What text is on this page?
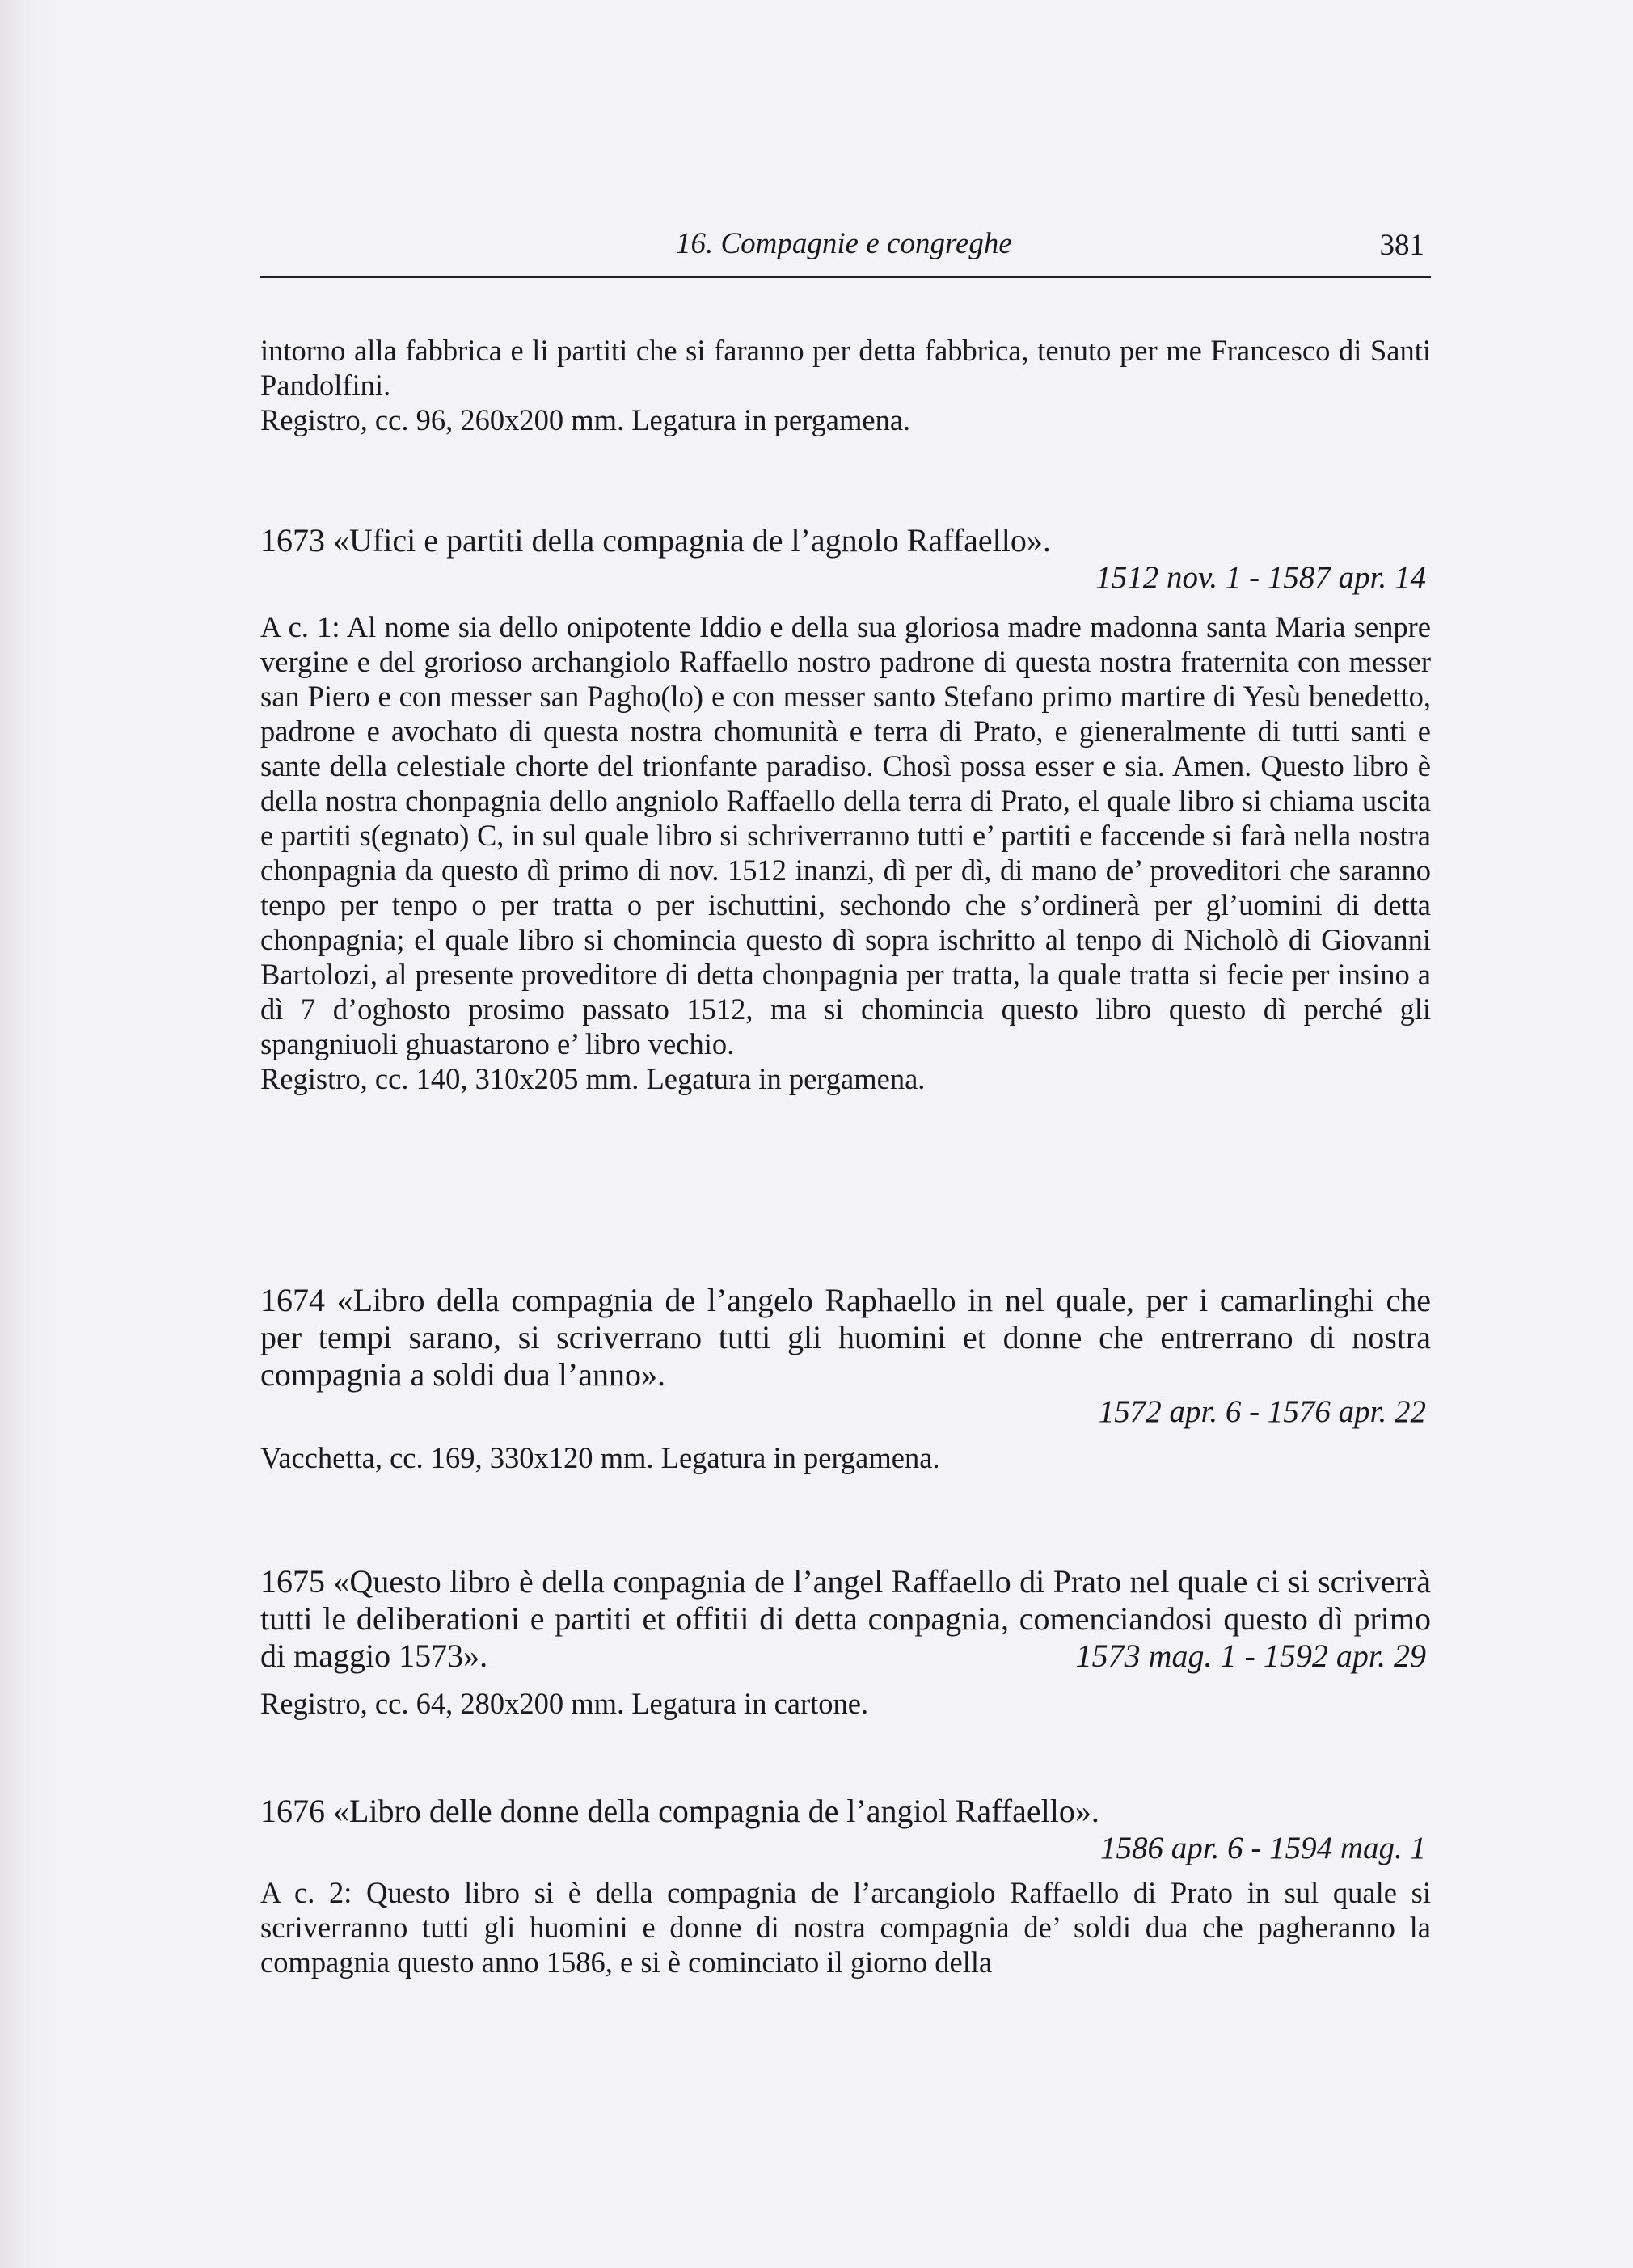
16. Compagnie e congreghe	381

intorno alla fabbrica e li partiti che si faranno per detta fabbrica, tenuto per me Francesco di Santi Pandolfini.

Registro, cc. 96, 260x200 mm. Legatura in pergamena.

1673 «Ufici e partiti della compagnia de l’agnolo Raffaello».

1512 nov. 1 - 1587 apr. 14

A c. 1: Al nome sia dello onipotente Iddio e della sua gloriosa madre madonna santa Maria senpre vergine e del grorioso archangiolo Raffaello nostro padrone di questa nostra fraternita con messer san Piero e con messer san Pagho(lo) e con messer santo Stefano primo martire di Yesù benedetto, padrone e avochato di questa nostra chomunità e terra di Prato, e gieneralmente di tutti santi e sante della celestiale chorte del trionfante paradiso. Chosì possa esser e sia. Amen. Questo libro è della nostra chonpagnia dello angniolo Raffaello della terra di Prato, el quale libro si chiama uscita e partiti s(egnato) C, in sul quale libro si schriverranno tutti e’ partiti e faccende si farà nella nostra chonpagnia da questo dì primo di nov. 1512 inanzi, dì per dì, di mano de’ proveditori che saranno tenpo per tenpo o per tratta o per ischuttini, sechondo che s’ordinerà per gl’uomini di detta chonpagnia; el quale libro si chomincia questo dì sopra ischritto al tenpo di Nicholò di Giovanni Bartolozi, al presente proveditore di detta chonpagnia per tratta, la quale tratta si fecie per insino a dì 7 d’oghosto prosimo passato 1512, ma si chomincia questo libro questo dì perché gli spangniuoli ghuastarono e’ libro vechio.

Registro, cc. 140, 310x205 mm. Legatura in pergamena.

1674 «Libro della compagnia de l’angelo Raphaello in nel quale, per i camarlinghi che per tempi sarano, si scriverrano tutti gli huomini et donne che entrerrano di nostra compagnia a soldi dua l’anno».

1572 apr. 6 - 1576 apr. 22

Vacchetta, cc. 169, 330x120 mm. Legatura in pergamena.

1675 «Questo libro è della conpagnia de l’angel Raffaello di Prato nel quale ci si scriverrà tutti le deliberationi e partiti et offitii di detta conpagnia, comenciandosi questo dì primo di maggio 1573».	1573 mag. 1 - 1592 apr. 29

Registro, cc. 64, 280x200 mm. Legatura in cartone.

1676 «Libro delle donne della compagnia de l’angiol Raffaello».

1586 apr. 6 - 1594 mag. 1

A c. 2: Questo libro si è della compagnia de l’arcangiolo Raffaello di Prato in sul quale si scriverranno tutti gli huomini e donne di nostra compagnia de’ soldi dua che pagheranno la compagnia questo anno 1586, e si è cominciato il giorno della
